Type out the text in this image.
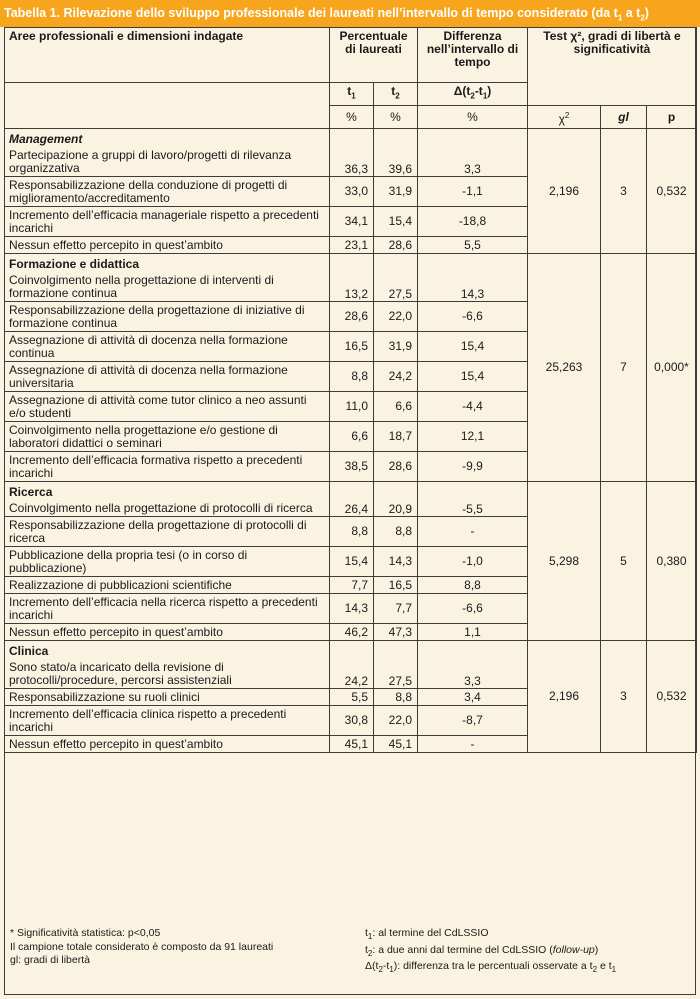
Tabella 1. Rilevazione dello sviluppo professionale dei laureati nell’intervallo di tempo considerato (da $t_1$ a $t_2$)
Aree professionali e dimensioni indagate	Percentuale di laureati		Differenza nell’intervallo di tempo	Test χ², gradi di libertà e significatività		
	$t_1$	$t_2$	$\Delta(t_2-t_1)$			
	%	%	%	$\chi^2$	gl	p
Management
Partecipazione a gruppi di lavoro/progetti di rilevanza organizzativa	36,3	39,6	3,3	2,196	3	0,532
Responsabilizzazione della conduzione di progetti di miglioramento/accreditamento	33,0	31,9	-1,1			
Incremento dell’efficacia manageriale rispetto a precedenti incarichi	34,1	15,4	-18,8			
Nessun effetto percepito in quest’ambito	23,1	28,6	5,5			
Formazione e didattica
Coinvolgimento nella progettazione di interventi di formazione continua	13,2	27,5	14,3	25,263	7	0,000*
Responsabilizzazione della progettazione di iniziative di formazione continua	28,6	22,0	-6,6			
Assegnazione di attività di docenza nella formazione continua	16,5	31,9	15,4			
Assegnazione di attività di docenza nella formazione universitaria	8,8	24,2	15,4			
Assegnazione di attività come tutor clinico a neo assunti e/o studenti	11,0	6,6	-4,4			
Coinvolgimento nella progettazione e/o gestione di laboratori didattici o seminari	6,6	18,7	12,1			
Incremento dell’efficacia formativa rispetto a precedenti incarichi	38,5	28,6	-9,9			
Ricerca
Coinvolgimento nella progettazione di protocolli di ricerca	26,4	20,9	-5,5	5,298	5	0,380
Responsabilizzazione della progettazione di protocolli di ricerca	8,8	8,8	-			
Pubblicazione della propria tesi (o in corso di pubblicazione)	15,4	14,3	-1,0			
Realizzazione di pubblicazioni scientifiche	7,7	16,5	8,8			
Incremento dell’efficacia nella ricerca rispetto a precedenti incarichi	14,3	7,7	-6,6			
Nessun effetto percepito in quest’ambito	46,2	47,3	1,1			
Clinica
Sono stato/a incaricato della revisione di protocolli/procedure, percorsi assistenziali	24,2	27,5	3,3	2,196	3	0,532
Responsabilizzazione su ruoli clinici	5,5	8,8	3,4			
Incremento dell’efficacia clinica rispetto a precedenti incarichi	30,8	22,0	-8,7			
Nessun effetto percepito in quest’ambito	45,1	45,1	-			
* Significatività statistica: p<0,05
Il campione totale considerato è composto da 91 laureati
gl: gradi di libertà
$t_1$: al termine del CdLSSIO
$t_2$: a due anni dal termine del CdLSSIO (follow-up)
$\Delta(t_2-t_1)$: differenza tra le percentuali osservate a $t_2$ e $t_1$
